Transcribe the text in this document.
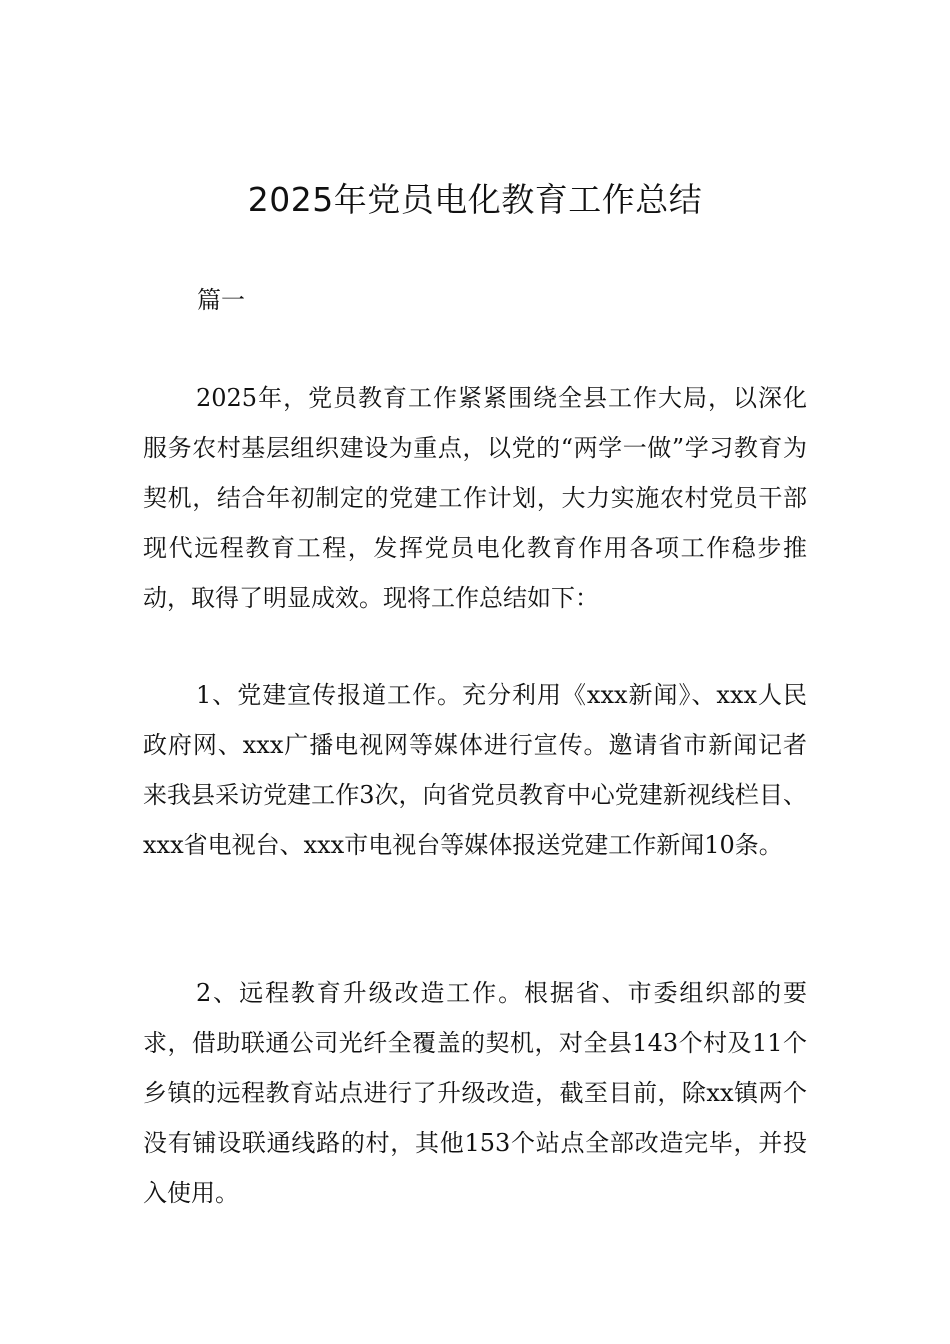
2025年党员电化教育工作总结

篇一

2025年，党员教育工作紧紧围绕全县工作大局，以深化服务农村基层组织建设为重点，以党的“两学一做”学习教育为契机，结合年初制定的党建工作计划，大力实施农村党员干部现代远程教育工程，发挥党员电化教育作用各项工作稳步推动，取得了明显成效。现将工作总结如下：

1、党建宣传报道工作。充分利用《xxx新闻》、xxx人民政府网、xxx广播电视网等媒体进行宣传。邀请省市新闻记者来我县采访党建工作3次，向省党员教育中心党建新视线栏目、xxx省电视台、xxx市电视台等媒体报送党建工作新闻10条。

2、远程教育升级改造工作。根据省、市委组织部的要求，借助联通公司光纤全覆盖的契机，对全县143个村及11个乡镇的远程教育站点进行了升级改造，截至目前，除xx镇两个没有铺设联通线路的村，其他153个站点全部改造完毕，并投入使用。
